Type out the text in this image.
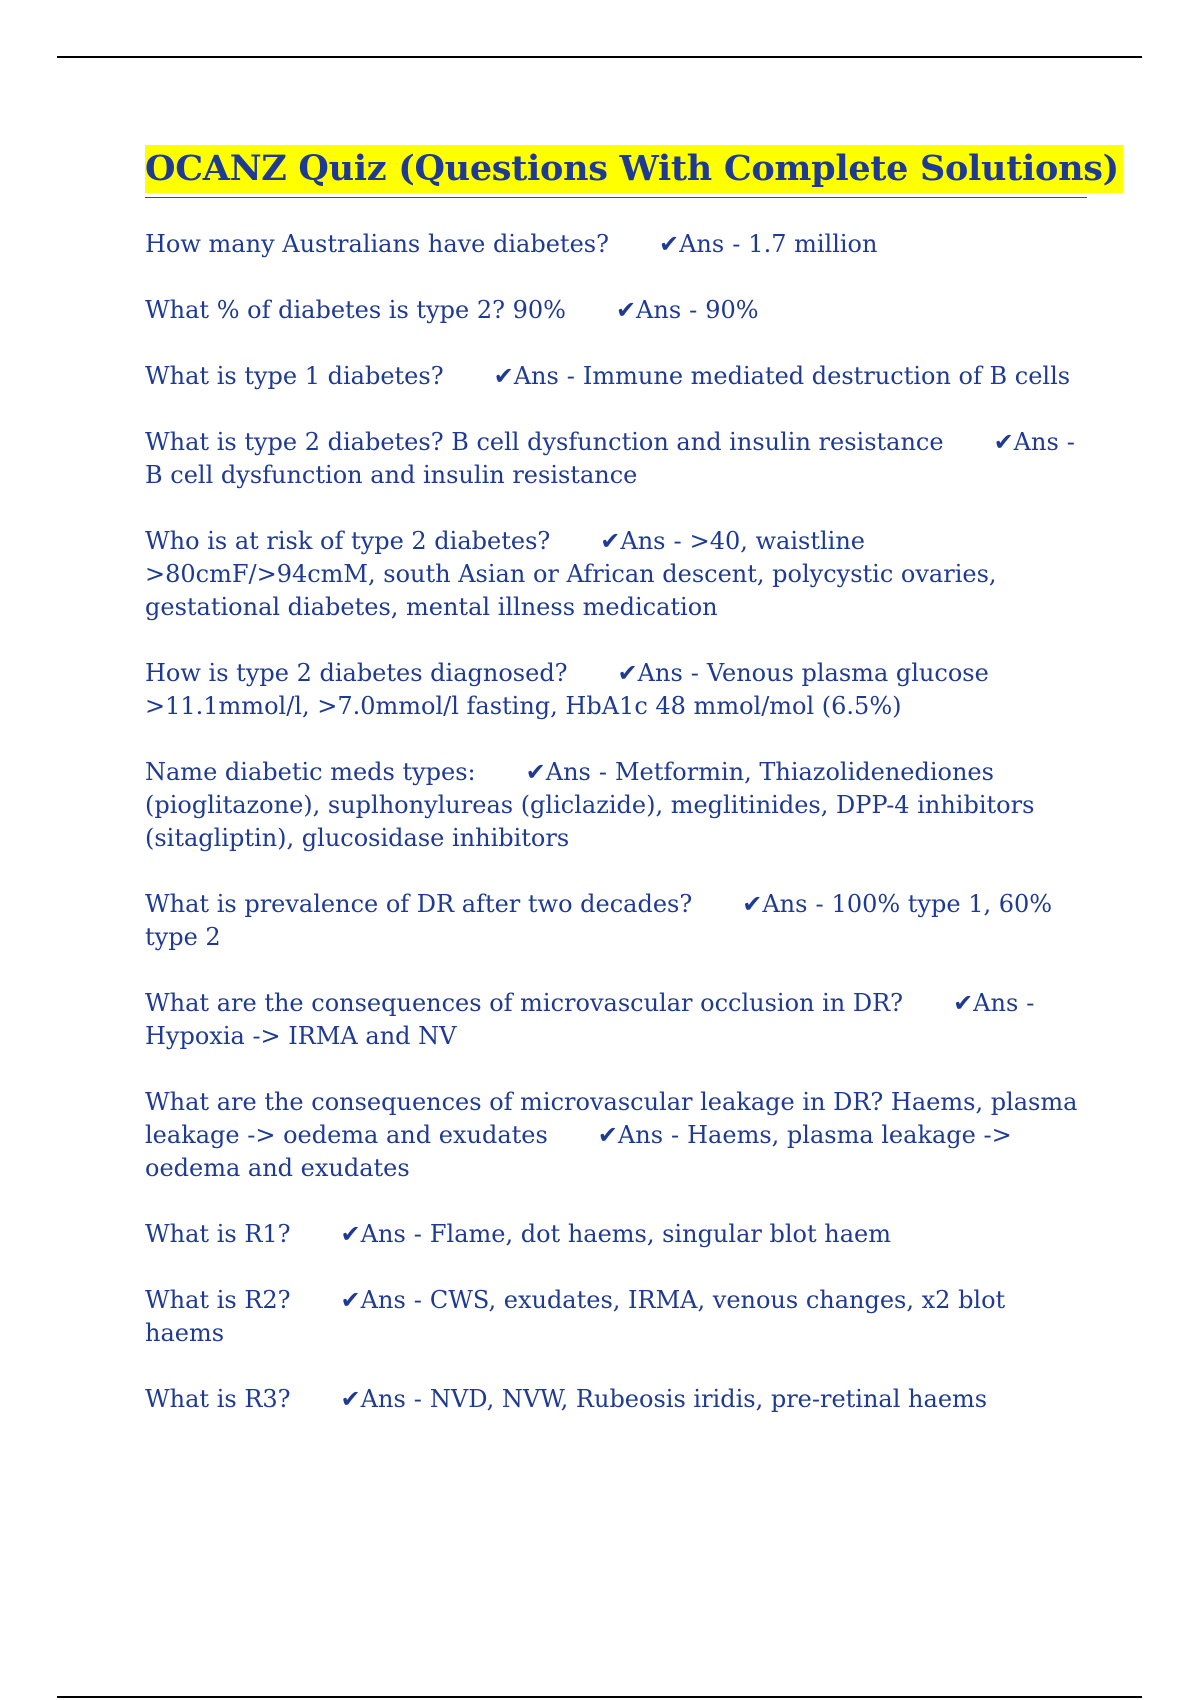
OCANZ Quiz (Questions With Complete Solutions)

How many Australians have diabetes? ✔Ans - 1.7 million

What % of diabetes is type 2? 90% ✔Ans - 90%

What is type 1 diabetes? ✔Ans - Immune mediated destruction of B cells

What is type 2 diabetes? B cell dysfunction and insulin resistance ✔Ans -B cell dysfunction and insulin resistance

Who is at risk of type 2 diabetes? ✔Ans - >40, waistline >80cmF/>94cmM, south Asian or African descent, polycystic ovaries, gestational diabetes, mental illness medication

How is type 2 diabetes diagnosed? ✔Ans - Venous plasma glucose >11.1mmol/l, >7.0mmol/l fasting, HbA1c 48 mmol/mol (6.5%)

Name diabetic meds types: ✔Ans - Metformin, Thiazolidenediones (pioglitazone), suplhonylureas (gliclazide), meglitinides, DPP-4 inhibitors (sitagliptin), glucosidase inhibitors

What is prevalence of DR after two decades? ✔Ans - 100% type 1, 60% type 2

What are the consequences of microvascular occlusion in DR? ✔Ans -Hypoxia -> IRMA and NV

What are the consequences of microvascular leakage in DR? Haems, plasma leakage -> oedema and exudates ✔Ans - Haems, plasma leakage -> oedema and exudates

What is R1? ✔Ans - Flame, dot haems, singular blot haem

What is R2? ✔Ans - CWS, exudates, IRMA, venous changes, x2 blot haems

What is R3? ✔Ans - NVD, NVW, Rubeosis iridis, pre-retinal haems
